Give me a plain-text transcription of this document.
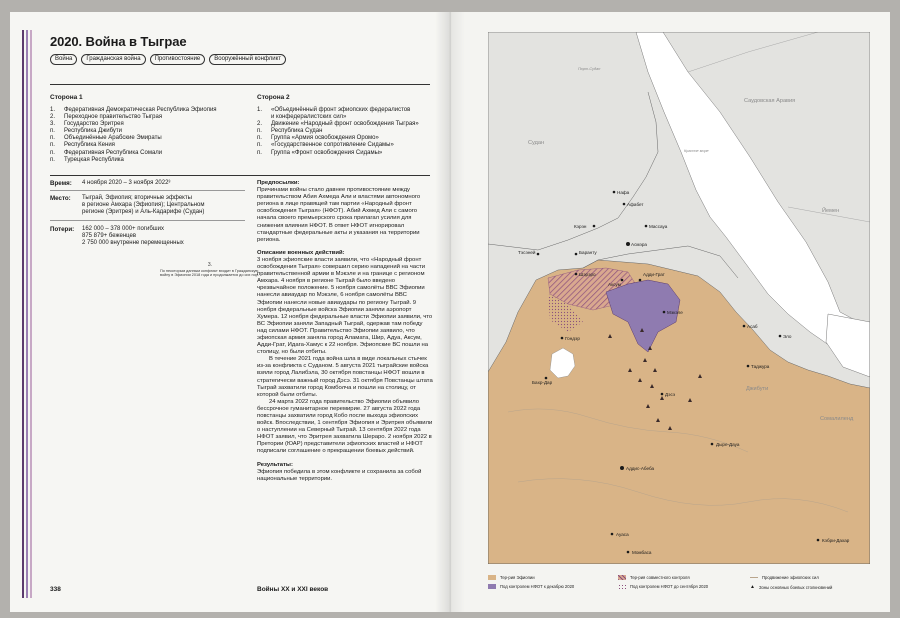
2020. Война в Тыграе
Война	Гражданская война	Противостояние	Вооружённый конфликт
Сторона 1
1.	Федеративная Демократическая Республика Эфиопия
2.	Переходное правительство Тыграя
3.	Государство Эритрея
п.	Республика Джибути
п.	Объединённые Арабские Эмираты
п.	Республика Кения
п.	Федеративная Республика Сомали
п.	Турецкая Республика
Сторона 2
1.	«Объединённый фронт эфиопских федералистов
и конфедералистских сил»
2.	Движение «Народный фронт освобождения Тыграя»
п.	Республика Судан
п.	Группа «Армия освобождения Оромо»
п.	«Государственное сопротивление Сидамы»
п.	Группа «Фронт освобождения Сидамы»
Время: 4 ноября 2020 – 3 ноября 2022³
Место: Тыграй, Эфиопия; вторичные эффекты
в регионе Амхара (Эфиопия); Центральном
регионе (Эритрея) и Аль-Кадарифе (Судан)
Потери: 162 000 – 378 000+ погибших
875 879+ беженцев
2 750 000 внутренне перемещенных
3.
По некоторым данным конфликт входит в Гражданскую войну в Эфиопии 2018 года и продолжается до сих пор.
Предпосылки:

Причинами войны стало давнее противостояние между правительством Абия Ахмеда Али и властями автономного региона в лице правящей там партии «Народный фронт освобождения Тыграя» (НФОТ). Абий Ахмед Али с самого начала своего премьерского срока прилагал усилия для снижения влияния НФОТ. В ответ НФОТ игнорировал стандартные федеральные акты и указания на территории региона.

Описание военных действий:

3 ноября эфиопские власти заявили, что «Народный фронт освобождения Тыграя» совершил серию нападений на части правительственной армии в Мэкэле и на границе с регионом Амхара. 4 ноября в регионе Тыграй было введено чрезвычайное положение. 5 ноября самолёты ВВС Эфиопии нанесли авиаудар по Мэкэле, 6 ноября самолёты ВВС Эфиопии нанесли новые авиаудары по региону Тыграй. 9 ноября федеральные войска Эфиопии заняли аэропорт Хумера. 12 ноября федеральные власти Эфиопии заявили, что ВС Эфиопии заняли Западный Тыграй, одержав там победу над силами НФОТ. Правительство Эфиопии заявило, что эфиопская армия заняла город Аламата, Шир, Адуа, Аксум, Адди-Грат, Идага-Хамус к 22 ноября. Эфиопские ВС пошли на столицу, но были отбиты.

В течение 2021 года война шла в виде локальных стычек из-за конфликта с Суданом. 5 августа 2021 тыграйские войска взяли город Лалибэла, 30 октября повстанцы НФОТ вошли в стратегически важный город Дэсэ. 31 октября Повстанцы штата Тыграй захватили город Комболча и пошли на столицу, от которой были отбиты.

24 марта 2022 года правительство Эфиопии объявило бессрочное гуманитарное перемирие. 27 августа 2022 года повстанцы захватили город Кобо после выхода эфиопских войск. Впоследствии, 1 сентября Эфиопия и Эритрея объявили о наступлении на Северный Тыграй. 13 сентября 2022 года НФОТ заявил, что Эритрея захватила Шерарo. 2 ноября 2022 в Претории (ЮАР) представители эфиопских властей и НФОТ подписали соглашение о прекращении боевых действий.

Результаты:

Эфиопия победила в этом конфликте и сохранила за собой национальные территории.

338	Войны XX и XXI веков
Судан
Саудовская Аравия
Йемен
Джибути
Сомалиленд
Красное море
Порт-Судан
Нафа
Афабет
Кэрэн	Массауа
Асмэра
Тэсэней	Баранту
Шэрэро
Аксум
Адди-Грат
Мэкэле
Гондэр
Бахр-Дар
Дэсэ
Аддис-Абеба
Дыре-Дауа
Ауаса
Момбаса
Кэбри-Дахар
Асаб
Эло
Таджура
Тер-рия Эфиопии
Под контролем НФОТ к декабрю 2020
Тер-рия совместного контроля
Под контролем НФОТ до сентября 2020
Продвижение эфиопских сил
▲ Зоны основных боевых столкновений
